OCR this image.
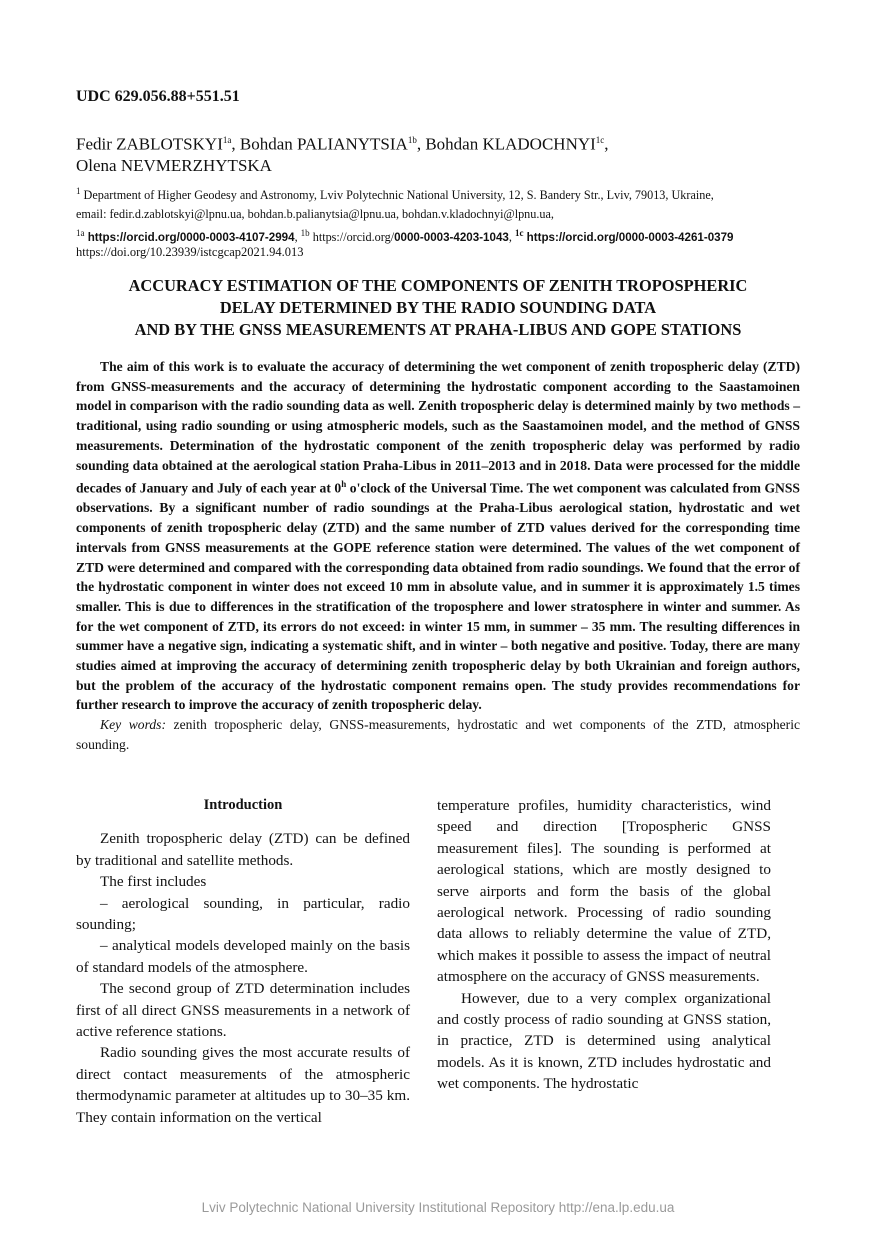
UDC 629.056.88+551.51
Fedir $ZABLOTSKYI^{1a}$, Bohdan $PALIANYTSIA^{1b}$, Bohdan $KLADOCHNYI^{1c}$,
Olena NEVMERZHYTSKA
$^1$ Department of Higher Geodesy and Astronomy, Lviv Polytechnic National University, 12, S. Bandery Str., Lviv, 79013, Ukraine,
email: fedir.d.zablotskyi@lpnu.ua, bohdan.b.palianytsia@lpnu.ua, bohdan.v.kladochnyi@lpnu.ua,
$^{1a}$ https://orcid.org/0000-0003-4107-2994, $^{1b}$ https://orcid.org/0000-0003-4203-1043, $^{1c}$ https://orcid.org/0000-0003-4261-0379
https://doi.org/10.23939/istcgcap2021.94.013
ACCURACY ESTIMATION OF THE COMPONENTS OF ZENITH TROPOSPHERIC
DELAY DETERMINED BY THE RADIO SOUNDING DATA
AND BY THE GNSS MEASUREMENTS AT PRAHA-LIBUS AND GOPE STATIONS

The aim of this work is to evaluate the accuracy of determining the wet component of zenith tropospheric delay (ZTD) from GNSS-measurements and the accuracy of determining the hydrostatic component according to the Saastamoinen model in comparison with the radio sounding data as well. Zenith tropospheric delay is determined mainly by two methods – traditional, using radio sounding or using atmospheric models, such as the Saastamoinen model, and the method of GNSS measurements. Determination of the hydrostatic component of the zenith tropospheric delay was performed by radio sounding data obtained at the aerological station Praha-Libus in 2011–2013 and in 2018. Data were processed for the middle decades of January and July of each year at 0$^h$ o'clock of the Universal Time. The wet component was calculated from GNSS observations. By a significant number of radio soundings at the Praha-Libus aerological station, hydrostatic and wet components of zenith tropospheric delay (ZTD) and the same number of ZTD values derived for the corresponding time intervals from GNSS measurements at the GOPE reference station were determined. The values of the wet component of ZTD were determined and compared with the corresponding data obtained from radio soundings. We found that the error of the hydrostatic component in winter does not exceed 10 mm in absolute value, and in summer it is approximately 1.5 times smaller. This is due to differences in the stratification of the troposphere and lower stratosphere in winter and summer. As for the wet component of ZTD, its errors do not exceed: in winter 15 mm, in summer – 35 mm. The resulting differences in summer have a negative sign, indicating a systematic shift, and in winter – both negative and positive. Today, there are many studies aimed at improving the accuracy of determining zenith tropospheric delay by both Ukrainian and foreign authors, but the problem of the accuracy of the hydrostatic component remains open. The study provides recommendations for further research to improve the accuracy of zenith tropospheric delay.

Key words: zenith tropospheric delay, GNSS-measurements, hydrostatic and wet components of the ZTD, atmospheric sounding.

Introduction

Zenith tropospheric delay (ZTD) can be defined by traditional and satellite methods.

The first includes

– aerological sounding, in particular, radio sounding;

– analytical models developed mainly on the basis of standard models of the atmosphere.

The second group of ZTD determination includes first of all direct GNSS measurements in a network of active reference stations.

Radio sounding gives the most accurate results of direct contact measurements of the atmospheric thermodynamic parameter at altitudes up to 30–35 km. They contain information on the vertical

temperature profiles, humidity characteristics, wind speed and direction [Tropospheric GNSS measurement files]. The sounding is performed at aerological stations, which are mostly designed to serve airports and form the basis of the global aerological network. Processing of radio sounding data allows to reliably determine the value of ZTD, which makes it possible to assess the impact of neutral atmosphere on the accuracy of GNSS measurements.

However, due to a very complex organizational and costly process of radio sounding at GNSS station, in practice, ZTD is determined using analytical models. As it is known, ZTD includes hydrostatic and wet components. The hydrostatic

Lviv Polytechnic National University Institutional Repository http://ena.lp.edu.ua
